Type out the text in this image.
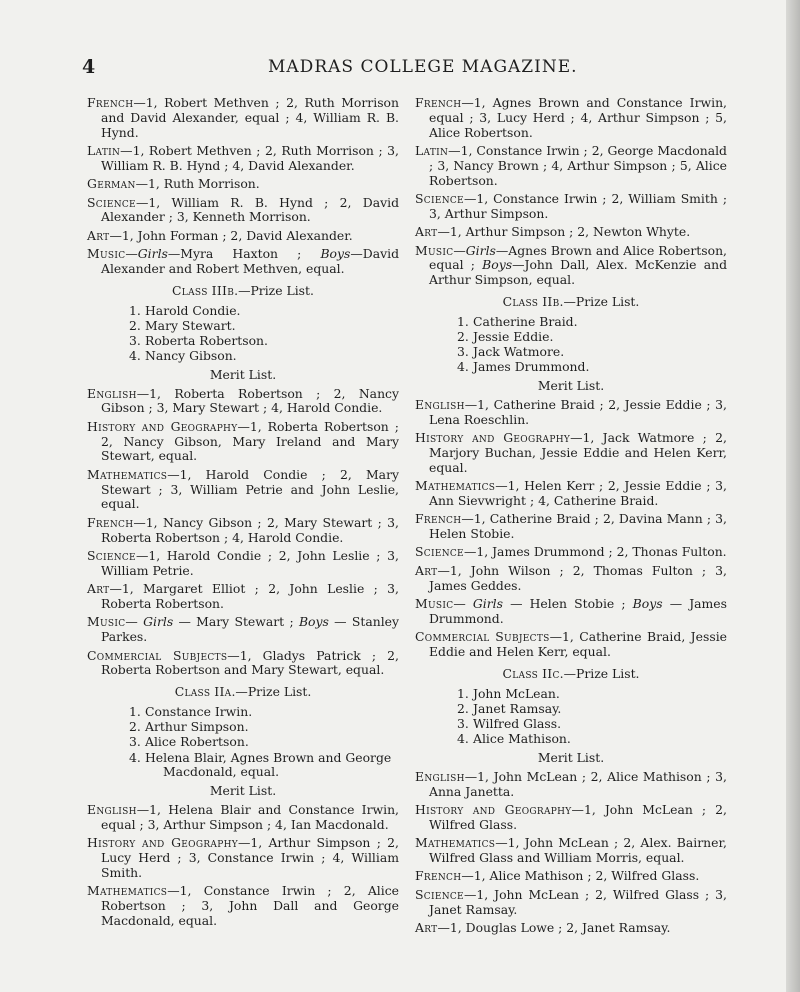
4	MADRAS COLLEGE MAGAZINE.

French—1, Robert Methven ; 2, Ruth Morrison and David Alexander, equal ; 4, William R. B. Hynd.

Latin—1, Robert Methven ; 2, Ruth Morrison ; 3, William R. B. Hynd ; 4, David Alexander.

German—1, Ruth Morrison.

Science—1, William R. B. Hynd ; 2, David Alexander ; 3, Kenneth Morrison.

Art—1, John Forman ; 2, David Alexander.

Music—Girls—Myra Haxton ; Boys—David Alexander and Robert Methven, equal.

Class IIIb.—Prize List.
1. Harold Condie.
2. Mary Stewart.
3. Roberta Robertson.
4. Nancy Gibson.
Merit List.

English—1, Roberta Robertson ; 2, Nancy Gibson ; 3, Mary Stewart ; 4, Harold Condie.

History and Geography—1, Roberta Robertson ; 2, Nancy Gibson, Mary Ireland and Mary Stewart, equal.

Mathematics—1, Harold Condie ; 2, Mary Stewart ; 3, William Petrie and John Leslie, equal.

French—1, Nancy Gibson ; 2, Mary Stewart ; 3, Roberta Robertson ; 4, Harold Condie.

Science—1, Harold Condie ; 2, John Leslie ; 3, William Petrie.

Art—1, Margaret Elliot ; 2, John Leslie ; 3, Roberta Robertson.

Music— Girls — Mary Stewart ; Boys — Stanley Parkes.

Commercial Subjects—1, Gladys Patrick ; 2, Roberta Robertson and Mary Stewart, equal.

Class IIa.—Prize List.
1. Constance Irwin.
2. Arthur Simpson.
3. Alice Robertson.
4. Helena Blair, Agnes Brown and George
Macdonald, equal.
Merit List.

English—1, Helena Blair and Constance Irwin, equal ; 3, Arthur Simpson ; 4, Ian Macdonald.

History and Geography—1, Arthur Simpson ; 2, Lucy Herd ; 3, Constance Irwin ; 4, William Smith.

Mathematics—1, Constance Irwin ; 2, Alice Robertson ; 3, John Dall and George Macdonald, equal.

French—1, Agnes Brown and Constance Irwin, equal ; 3, Lucy Herd ; 4, Arthur Simpson ; 5, Alice Robertson.

Latin—1, Constance Irwin ; 2, George Macdonald ; 3, Nancy Brown ; 4, Arthur Simpson ; 5, Alice Robertson.

Science—1, Constance Irwin ; 2, William Smith ; 3, Arthur Simpson.

Art—1, Arthur Simpson ; 2, Newton Whyte.

Music—Girls—Agnes Brown and Alice Robertson, equal ; Boys—John Dall, Alex. McKenzie and Arthur Simpson, equal.

Class IIb.—Prize List.
1. Catherine Braid.
2. Jessie Eddie.
3. Jack Watmore.
4. James Drummond.
Merit List.

English—1, Catherine Braid ; 2, Jessie Eddie ; 3, Lena Roeschlin.

History and Geography—1, Jack Watmore ; 2, Marjory Buchan, Jessie Eddie and Helen Kerr, equal.

Mathematics—1, Helen Kerr ; 2, Jessie Eddie ; 3, Ann Sievwright ; 4, Catherine Braid.

French—1, Catherine Braid ; 2, Davina Mann ; 3, Helen Stobie.

Science—1, James Drummond ; 2, Thonas Fulton.

Art—1, John Wilson ; 2, Thomas Fulton ; 3, James Geddes.

Music— Girls — Helen Stobie ; Boys — James Drummond.

Commercial Subjects—1, Catherine Braid, Jessie Eddie and Helen Kerr, equal.

Class IIc.—Prize List.
1. John McLean.
2. Janet Ramsay.
3. Wilfred Glass.
4. Alice Mathison.
Merit List.

English—1, John McLean ; 2, Alice Mathison ; 3, Anna Janetta.

History and Geography—1, John McLean ; 2, Wilfred Glass.

Mathematics—1, John McLean ; 2, Alex. Bairner, Wilfred Glass and William Morris, equal.

French—1, Alice Mathison ; 2, Wilfred Glass.

Science—1, John McLean ; 2, Wilfred Glass ; 3, Janet Ramsay.

Art—1, Douglas Lowe ; 2, Janet Ramsay.
